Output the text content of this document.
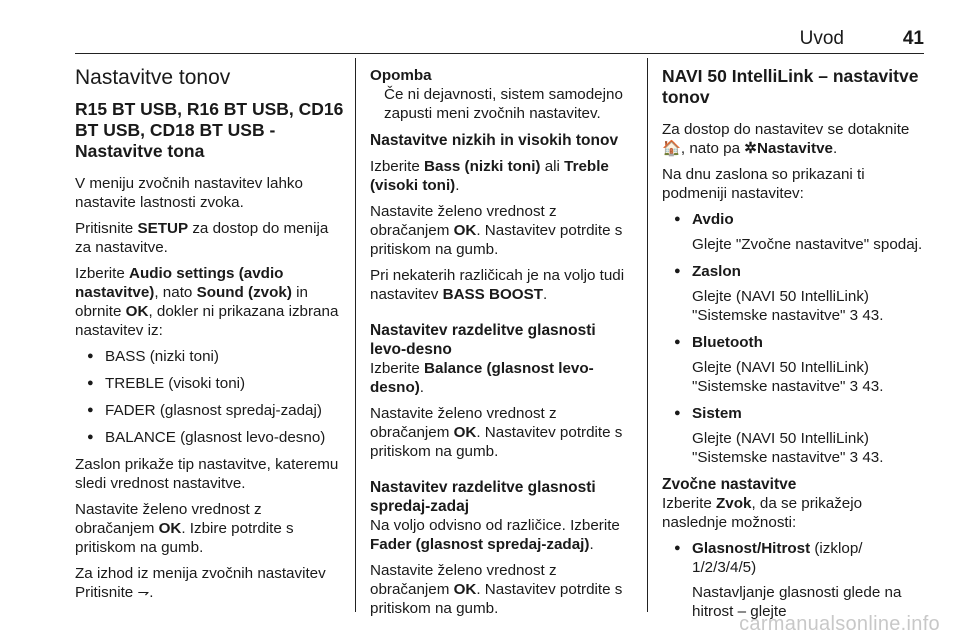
Uvod	41
Nastavitve tonov
R15 BT USB, R16 BT USB, CD16 BT USB, CD18 BT USB - Nastavitve tona

V meniju zvočnih nastavitev lahko nastavite lastnosti zvoka.

Pritisnite SETUP za dostop do menija za nastavitve.

Izberite Audio settings (avdio nastavitve), nato Sound (zvok) in obrnite OK, dokler ni prikazana izbrana nastavitev iz:

● BASS (nizki toni)
● TREBLE (visoki toni)
● FADER (glasnost spredaj-zadaj)
● BALANCE (glasnost levo-desno)

Zaslon prikaže tip nastavitve, kateremu sledi vrednost nastavitve.

Nastavite želeno vrednost z obračanjem OK. Izbire potrdite s pritiskom na gumb.

Za izhod iz menija zvočnih nastavitev Pritisnite ⇁.

Opomba
Če ni dejavnosti, sistem samodejno zapusti meni zvočnih nastavitev.
Nastavitve nizkih in visokih tonov

Izberite Bass (nizki toni) ali Treble (visoki toni).

Nastavite želeno vrednost z obračanjem OK. Nastavitev potrdite s pritiskom na gumb.

Pri nekaterih različicah je na voljo tudi nastavitev BASS BOOST.

Nastavitev razdelitve glasnosti levo-desno

Izberite Balance (glasnost levo-desno).

Nastavite želeno vrednost z obračanjem OK. Nastavitev potrdite s pritiskom na gumb.

Nastavitev razdelitve glasnosti spredaj-zadaj

Na voljo odvisno od različice. Izberite Fader (glasnost spredaj-zadaj).

Nastavite želeno vrednost z obračanjem OK. Nastavitev potrdite s pritiskom na gumb.

NAVI 50 IntelliLink – nastavitve tonov

Za dostop do nastavitev se dotaknite 🏠, nato pa ✲Nastavitve.

Na dnu zaslona so prikazani ti podmeniji nastavitev:

● Avdio
Glejte "Zvočne nastavitve" spodaj.
● Zaslon
Glejte (NAVI 50 IntelliLink) "Sistemske nastavitve" 3 43.
● Bluetooth
Glejte (NAVI 50 IntelliLink) "Sistemske nastavitve" 3 43.
● Sistem
Glejte (NAVI 50 IntelliLink) "Sistemske nastavitve" 3 43.
Zvočne nastavitve

Izberite Zvok, da se prikažejo naslednje možnosti:

● Glasnost/Hitrost (izklop/ 1/2/3/4/5)
Nastavljanje glasnosti glede na hitrost – glejte
carmanualsonline.info
